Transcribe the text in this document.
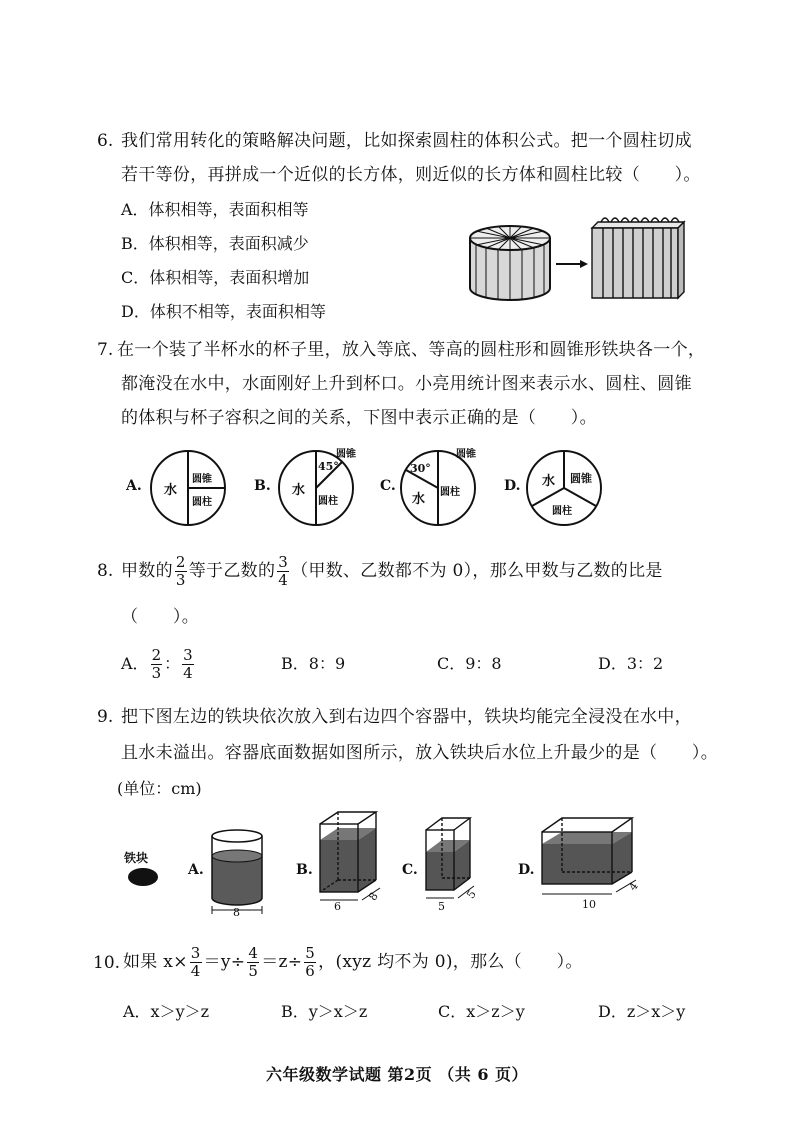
6. 我们常用转化的策略解决问题，比如探索圆柱的体积公式。把一个圆柱切成
若干等份，再拼成一个近似的长方体，则近似的长方体和圆柱比较（　　）。
A．体积相等，表面积相等
B．体积相等，表面积减少
C．体积相等，表面积增加
D．体积不相等，表面积相等
7. 在一个装了半杯水的杯子里，放入等底、等高的圆柱形和圆锥形铁块各一个，
都淹没在水中，水面刚好上升到杯口。小亮用统计图来表示水、圆柱、圆锥
的体积与杯子容积之间的关系，下图中表示正确的是（　　）。
A. 水
圆锥
圆柱
B. 水
圆锥
圆柱
45°
C.
水
圆锥
圆柱
30°
D. 水 圆锥
圆柱
8. 甲数的 $\frac{2}{3}$ 等于乙数的 $\frac{3}{4}$ （甲数、乙数都不为 0），那么甲数与乙数的比是
（　　）。
A． $\frac{2}{3}$ ： $\frac{3}{4}$	B．8：9	C．9：8	D．3：2
9. 把下图左边的铁块依次放入到右边四个容器中，铁块均能完全浸没在水中，
且水未溢出。容器底面数据如图所示，放入铁块后水位上升最少的是（　　）。
(单位：cm)
铁块
A.
8
B.
6
8
C.
5
5
D.
10
4
10. 如果 $x\times \frac{3}{4} =y\div \frac{4}{5} =z\div \frac{5}{6}$ ，(xyz 均不为 0)，那么（　　）。
A．x＞y＞z	B．y＞x＞z	C．x＞z＞y	D．z＞x＞y
六年级数学试题 第2页 （共 6 页）
